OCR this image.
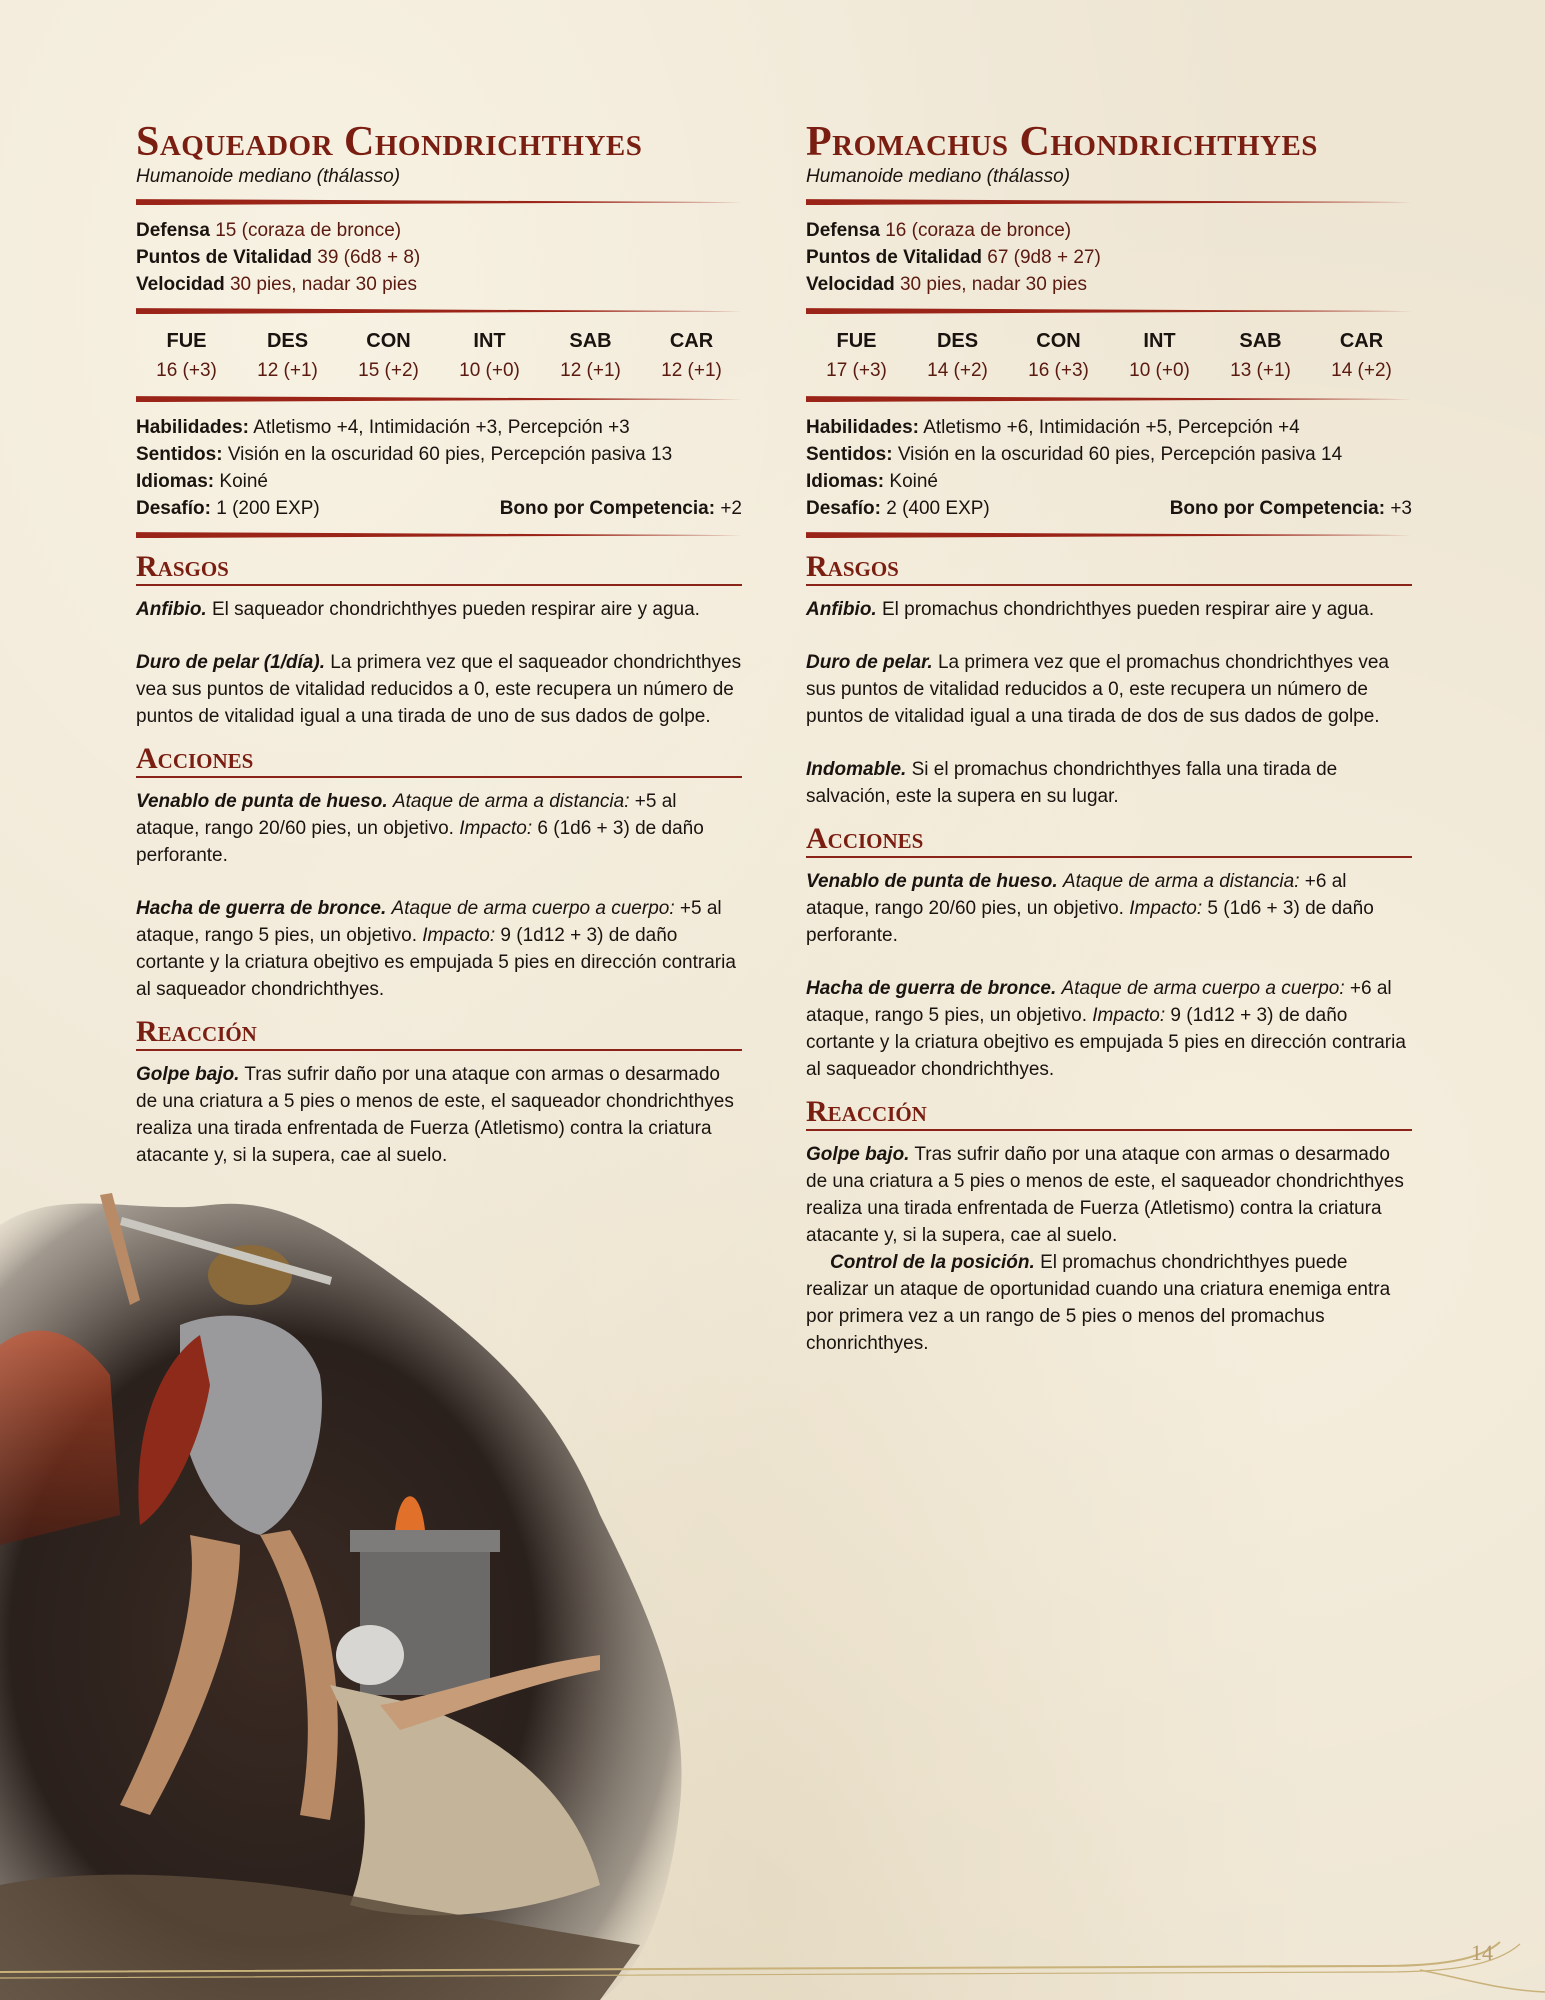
Saqueador Chondrichthyes

Humanoide mediano (thálasso)

Defensa 15 (coraza de bronce)
Puntos de Vitalidad 39 (6d8 + 8)
Velocidad 30 pies, nadar 30 pies
FUE
16 (+3)
DES
12 (+1)
CON
15 (+2)
INT
10 (+0)
SAB
12 (+1)
CAR
12 (+1)
Habilidades: Atletismo +4, Intimidación +3, Percepción +3
Sentidos: Visión en la oscuridad 60 pies, Percepción pasiva 13
Idiomas: Koiné
Desafío: 1 (200 EXP)	Bono por Competencia: +2
Rasgos

Anfibio. El saqueador chondrichthyes pueden respirar aire y agua.

Duro de pelar (1/día). La primera vez que el saqueador chondrichthyes vea sus puntos de vitalidad reducidos a 0, este recupera un número de puntos de vitalidad igual a una tirada de uno de sus dados de golpe.

Acciones

Venablo de punta de hueso. Ataque de arma a distancia: +5 al ataque, rango 20/60 pies, un objetivo. Impacto: 6 (1d6 + 3) de daño perforante.

Hacha de guerra de bronce. Ataque de arma cuerpo a cuerpo: +5 al ataque, rango 5 pies, un objetivo. Impacto: 9 (1d12 + 3) de daño cortante y la criatura obejtivo es empujada 5 pies en dirección contraria al saqueador chondrichthyes.

Reacción

Golpe bajo. Tras sufrir daño por una ataque con armas o desarmado de una criatura a 5 pies o menos de este, el saqueador chondrichthyes realiza una tirada enfrentada de Fuerza (Atletismo) contra la criatura atacante y, si la supera, cae al suelo.

Promachus Chondrichthyes

Humanoide mediano (thálasso)

Defensa 16 (coraza de bronce)
Puntos de Vitalidad 67 (9d8 + 27)
Velocidad 30 pies, nadar 30 pies
FUE
17 (+3)
DES
14 (+2)
CON
16 (+3)
INT
10 (+0)
SAB
13 (+1)
CAR
14 (+2)
Habilidades: Atletismo +6, Intimidación +5, Percepción +4
Sentidos: Visión en la oscuridad 60 pies, Percepción pasiva 14
Idiomas: Koiné
Desafío: 2 (400 EXP)	Bono por Competencia: +3
Rasgos

Anfibio. El promachus chondrichthyes pueden respirar aire y agua.

Duro de pelar. La primera vez que el promachus chondrichthyes vea sus puntos de vitalidad reducidos a 0, este recupera un número de puntos de vitalidad igual a una tirada de dos de sus dados de golpe.

Indomable. Si el promachus chondrichthyes falla una tirada de salvación, este la supera en su lugar.

Acciones

Venablo de punta de hueso. Ataque de arma a distancia: +6 al ataque, rango 20/60 pies, un objetivo. Impacto: 5 (1d6 + 3) de daño perforante.

Hacha de guerra de bronce. Ataque de arma cuerpo a cuerpo: +6 al ataque, rango 5 pies, un objetivo. Impacto: 9 (1d12 + 3) de daño cortante y la criatura obejtivo es empujada 5 pies en dirección contraria al saqueador chondrichthyes.

Reacción

Golpe bajo. Tras sufrir daño por una ataque con armas o desarmado de una criatura a 5 pies o menos de este, el saqueador chondrichthyes realiza una tirada enfrentada de Fuerza (Atletismo) contra la criatura atacante y, si la supera, cae al suelo.

Control de la posición. El promachus chondrichthyes puede realizar un ataque de oportunidad cuando una criatura enemiga entra por primera vez a un rango de 5 pies o menos del promachus chonrichthyes.

14
